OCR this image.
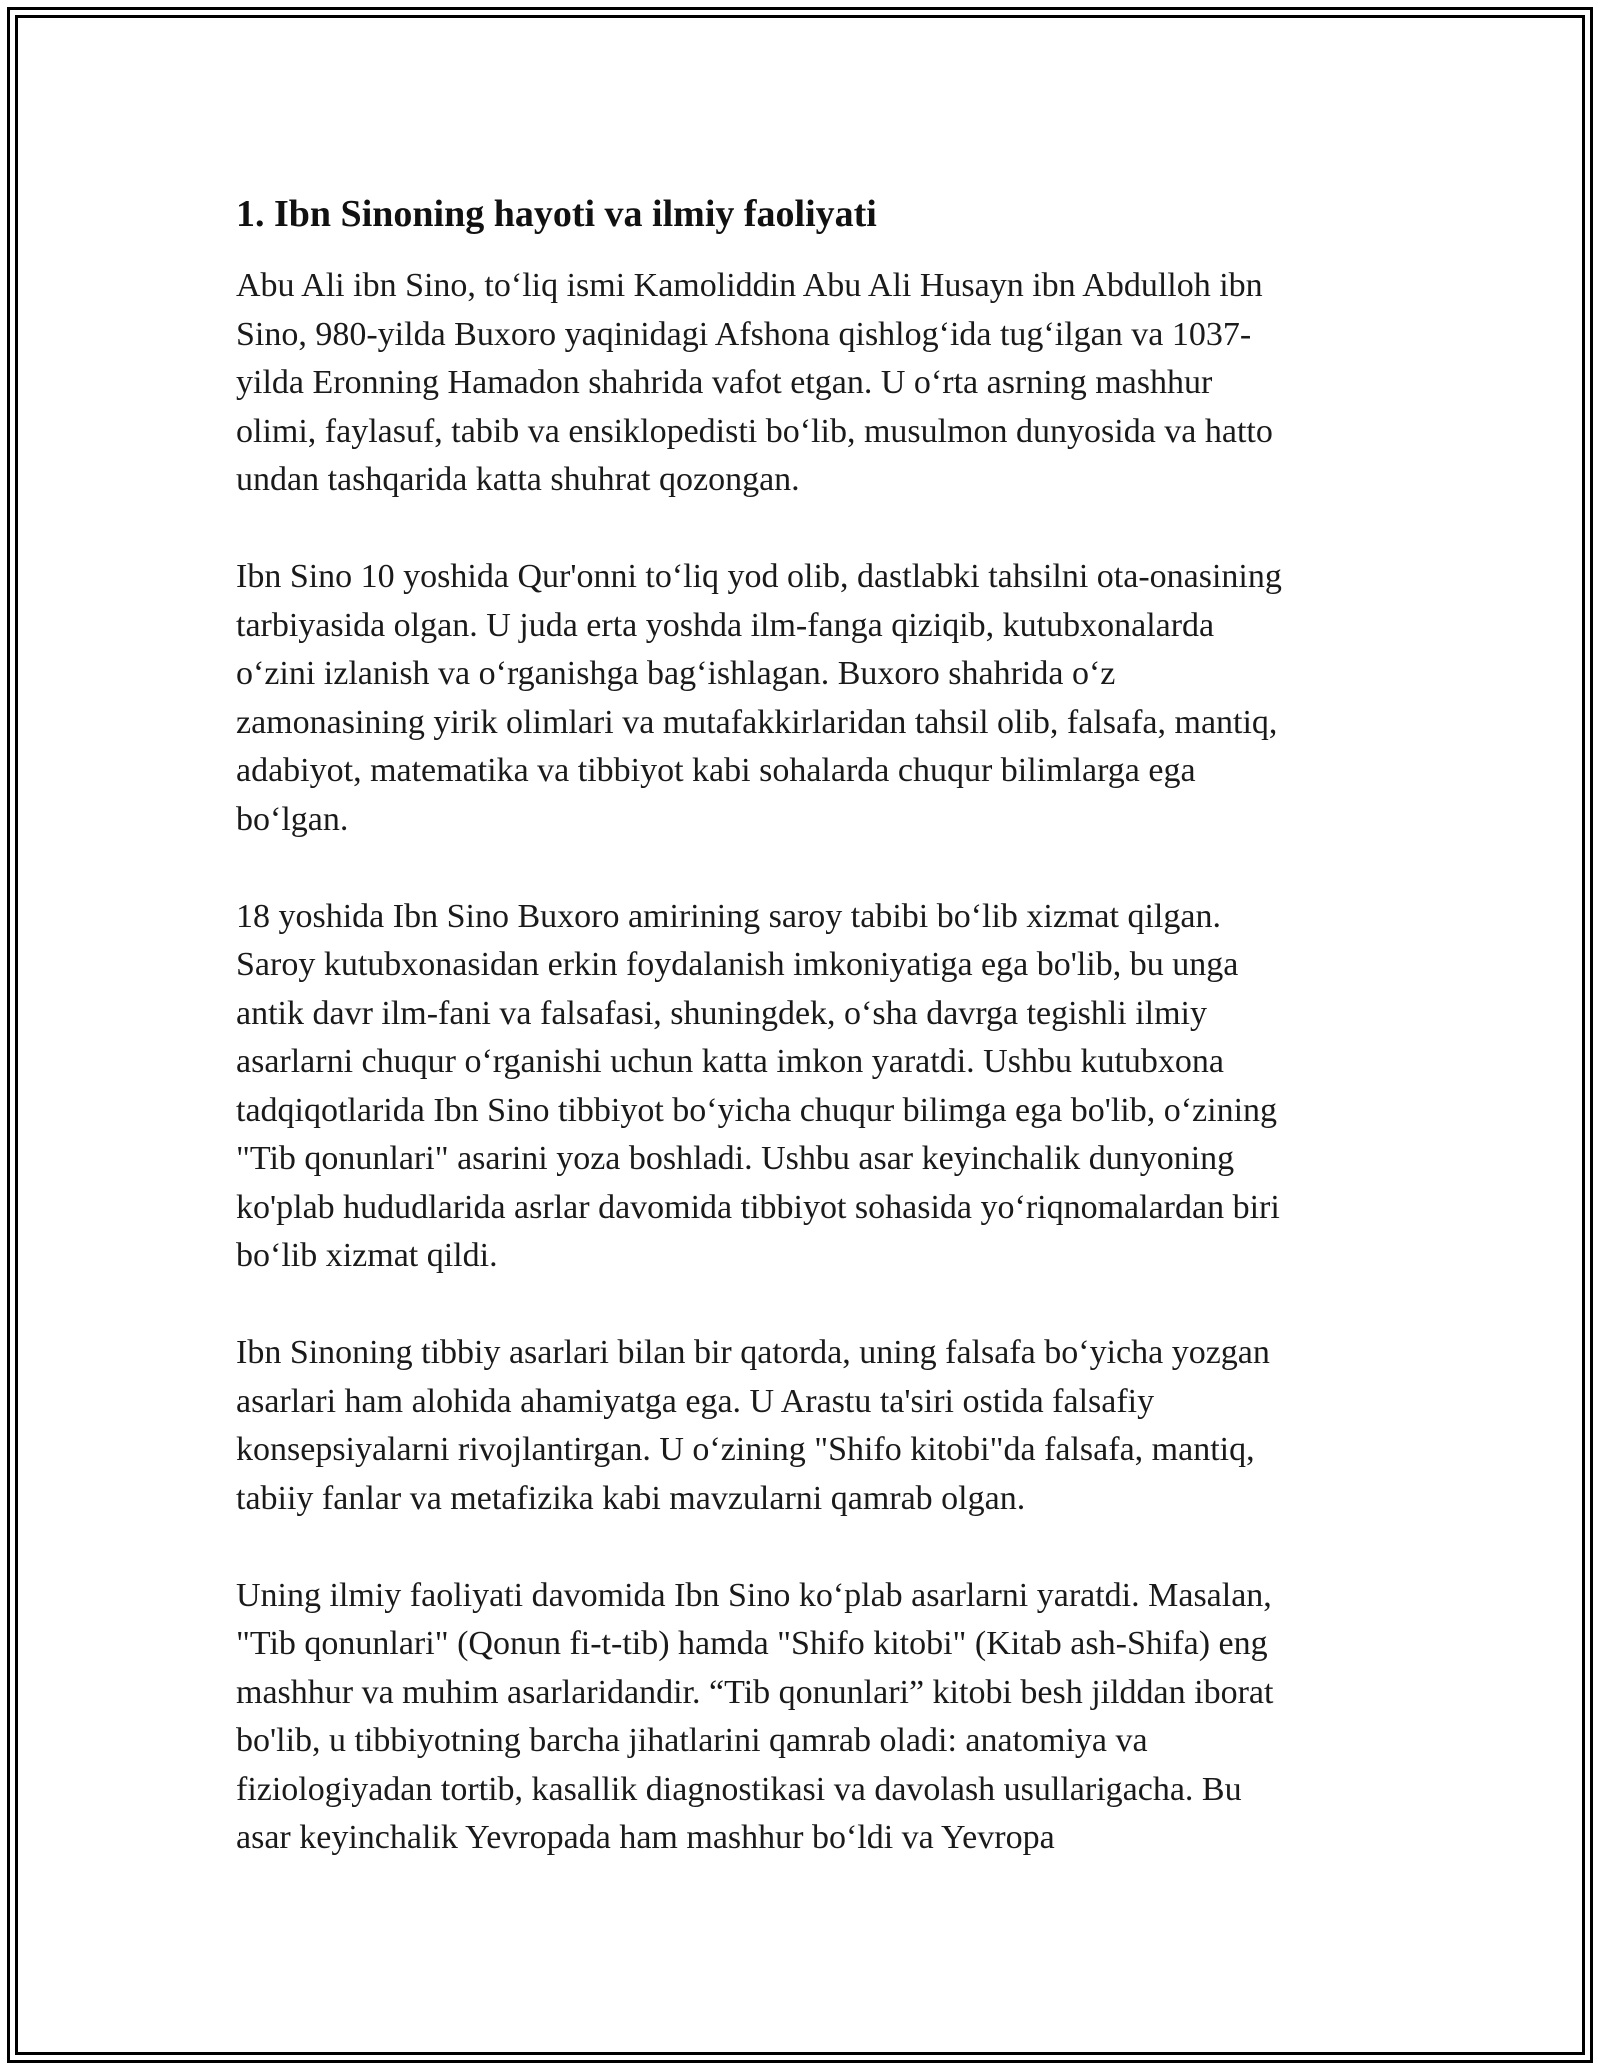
1. Ibn Sinoning hayoti va ilmiy faoliyati

Abu Ali ibn Sino, to‘liq ismi Kamoliddin Abu Ali Husayn ibn Abdulloh ibn
Sino, 980-yilda Buxoro yaqinidagi Afshona qishlog‘ida tug‘ilgan va 1037-
yilda Eronning Hamadon shahrida vafot etgan. U o‘rta asrning mashhur
olimi, faylasuf, tabib va ensiklopedisti bo‘lib, musulmon dunyosida va hatto
undan tashqarida katta shuhrat qozongan.

Ibn Sino 10 yoshida Qur'onni to‘liq yod olib, dastlabki tahsilni ota-onasining
tarbiyasida olgan. U juda erta yoshda ilm-fanga qiziqib, kutubxonalarda
o‘zini izlanish va o‘rganishga bag‘ishlagan. Buxoro shahrida o‘z
zamonasining yirik olimlari va mutafakkirlaridan tahsil olib, falsafa, mantiq,
adabiyot, matematika va tibbiyot kabi sohalarda chuqur bilimlarga ega
bo‘lgan.

18 yoshida Ibn Sino Buxoro amirining saroy tabibi bo‘lib xizmat qilgan.
Saroy kutubxonasidan erkin foydalanish imkoniyatiga ega bo'lib, bu unga
antik davr ilm-fani va falsafasi, shuningdek, o‘sha davrga tegishli ilmiy
asarlarni chuqur o‘rganishi uchun katta imkon yaratdi. Ushbu kutubxona
tadqiqotlarida Ibn Sino tibbiyot bo‘yicha chuqur bilimga ega bo'lib, o‘zining
"Tib qonunlari" asarini yoza boshladi. Ushbu asar keyinchalik dunyoning
ko'plab hududlarida asrlar davomida tibbiyot sohasida yo‘riqnomalardan biri
bo‘lib xizmat qildi.

Ibn Sinoning tibbiy asarlari bilan bir qatorda, uning falsafa bo‘yicha yozgan
asarlari ham alohida ahamiyatga ega. U Arastu ta'siri ostida falsafiy
konsepsiyalarni rivojlantirgan. U o‘zining "Shifo kitobi"da falsafa, mantiq,
tabiiy fanlar va metafizika kabi mavzularni qamrab olgan.

Uning ilmiy faoliyati davomida Ibn Sino ko‘plab asarlarni yaratdi. Masalan,
"Tib qonunlari" (Qonun fi-t-tib) hamda "Shifo kitobi" (Kitab ash-Shifa) eng
mashhur va muhim asarlaridandir. “Tib qonunlari” kitobi besh jilddan iborat
bo'lib, u tibbiyotning barcha jihatlarini qamrab oladi: anatomiya va
fiziologiyadan tortib, kasallik diagnostikasi va davolash usullarigacha. Bu
asar keyinchalik Yevropada ham mashhur bo‘ldi va Yevropa
